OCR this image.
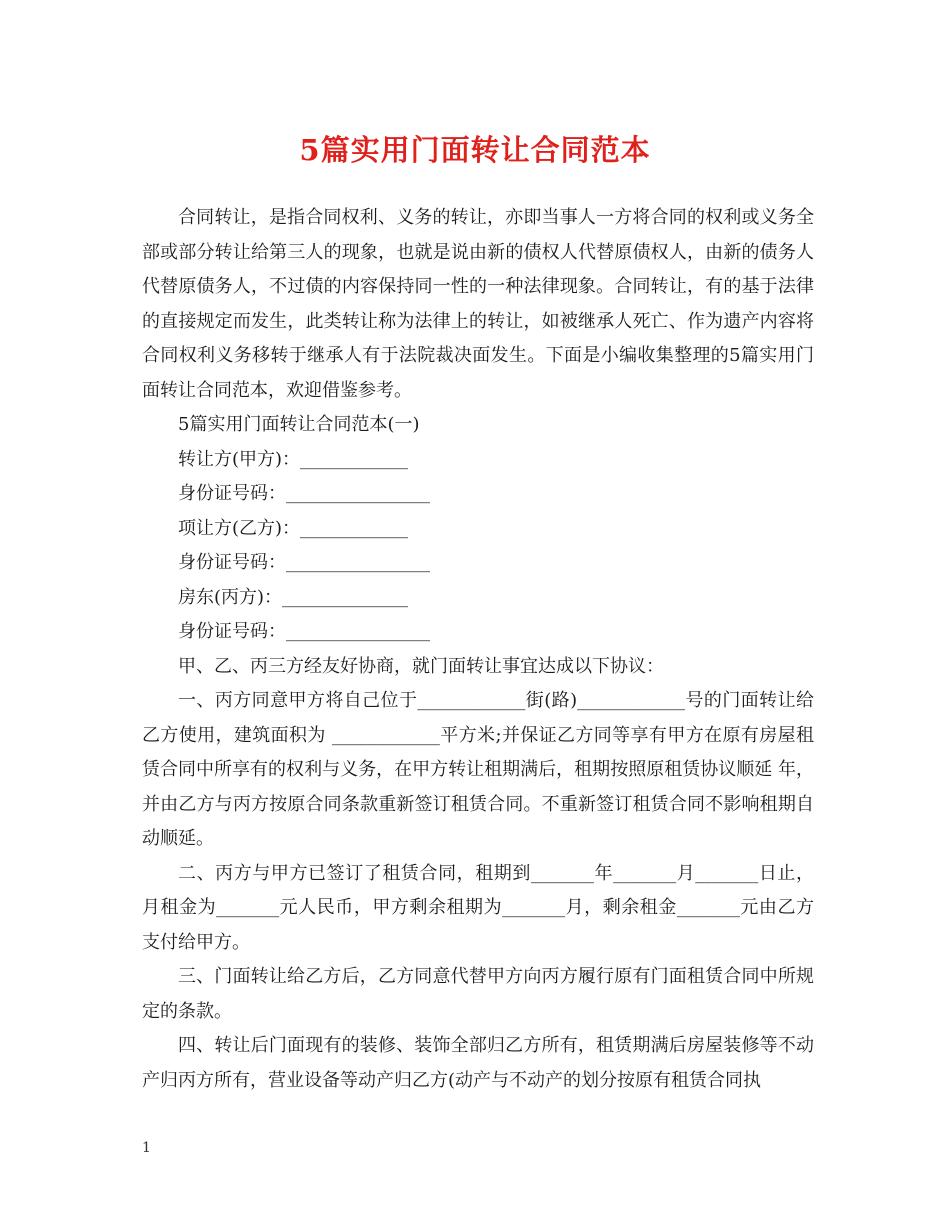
5篇实用门面转让合同范本

合同转让，是指合同权利、义务的转让，亦即当事人一方将合同的权利或义务全部或部分转让给第三人的现象，也就是说由新的债权人代替原债权人，由新的债务人代替原债务人，不过债的内容保持同一性的一种法律现象。合同转让，有的基于法律的直接规定而发生，此类转让称为法律上的转让，如被继承人死亡、作为遗产内容将合同权利义务移转于继承人有于法院裁决面发生。下面是小编收集整理的5篇实用门面转让合同范本，欢迎借鉴参考。

5篇实用门面转让合同范本(一)

转让方(甲方)：____________

身份证号码：________________

项让方(乙方)：____________

身份证号码：________________

房东(丙方)：______________

身份证号码：________________

甲、乙、丙三方经友好协商，就门面转让事宜达成以下协议：

一、丙方同意甲方将自己位于____________街(路)____________号的门面转让给乙方使用，建筑面积为 ____________平方米;并保证乙方同等享有甲方在原有房屋租赁合同中所享有的权利与义务，在甲方转让租期满后，租期按照原租赁协议顺延 年，并由乙方与丙方按原合同条款重新签订租赁合同。不重新签订租赁合同不影响租期自动顺延。

二、丙方与甲方已签订了租赁合同，租期到_______年_______月_______日止，月租金为_______元人民币，甲方剩余租期为_______月，剩余租金_______元由乙方支付给甲方。

三、门面转让给乙方后，乙方同意代替甲方向丙方履行原有门面租赁合同中所规定的条款。

四、转让后门面现有的装修、装饰全部归乙方所有，租赁期满后房屋装修等不动产归丙方所有，营业设备等动产归乙方(动产与不动产的划分按原有租赁合同执

1
